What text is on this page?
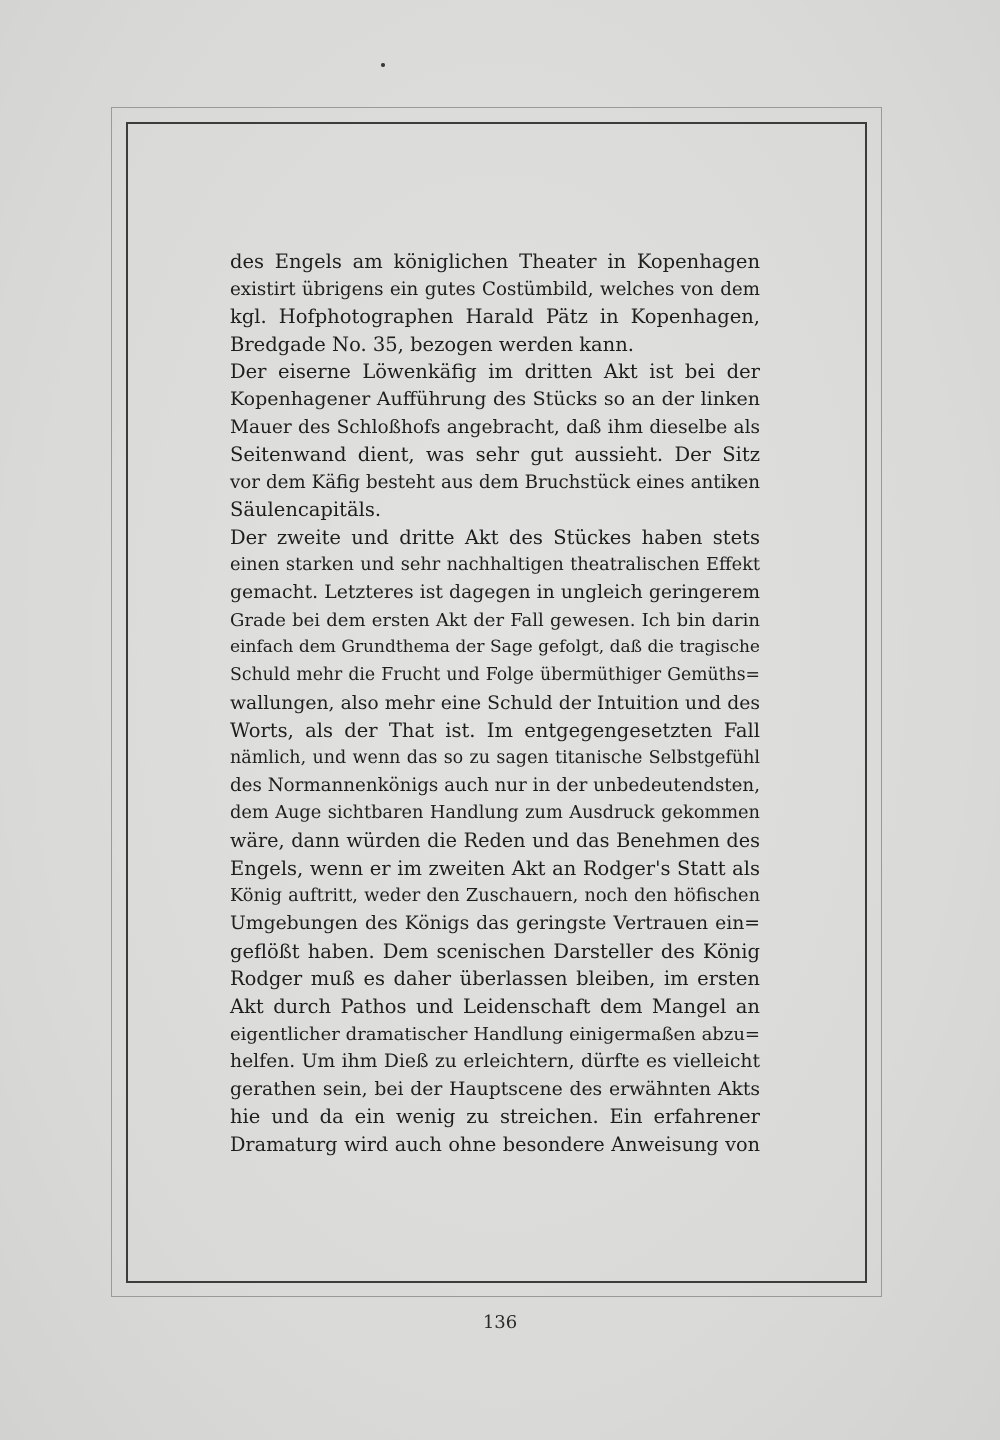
des Engels am königlichen Theater in Kopenhagen
existirt übrigens ein gutes Costümbild, welches von dem
kgl. Hofphotographen Harald Pätz in Kopenhagen,
Bredgade No. 35, bezogen werden kann.
Der eiserne Löwenkäfig im dritten Akt ist bei der
Kopenhagener Aufführung des Stücks so an der linken
Mauer des Schloßhofs angebracht, daß ihm dieselbe als
Seitenwand dient, was sehr gut aussieht. Der Sitz
vor dem Käfig besteht aus dem Bruchstück eines antiken
Säulencapitäls.
Der zweite und dritte Akt des Stückes haben stets
einen starken und sehr nachhaltigen theatralischen Effekt
gemacht. Letzteres ist dagegen in ungleich geringerem
Grade bei dem ersten Akt der Fall gewesen. Ich bin darin
einfach dem Grundthema der Sage gefolgt, daß die tragische
Schuld mehr die Frucht und Folge übermüthiger Gemüths=
wallungen, also mehr eine Schuld der Intuition und des
Worts, als der That ist. Im entgegengesetzten Fall
nämlich, und wenn das so zu sagen titanische Selbstgefühl
des Normannenkönigs auch nur in der unbedeutendsten,
dem Auge sichtbaren Handlung zum Ausdruck gekommen
wäre, dann würden die Reden und das Benehmen des
Engels, wenn er im zweiten Akt an Rodger's Statt als
König auftritt, weder den Zuschauern, noch den höfischen
Umgebungen des Königs das geringste Vertrauen ein=
geflößt haben. Dem scenischen Darsteller des König
Rodger muß es daher überlassen bleiben, im ersten
Akt durch Pathos und Leidenschaft dem Mangel an
eigentlicher dramatischer Handlung einigermaßen abzu=
helfen. Um ihm Dieß zu erleichtern, dürfte es vielleicht
gerathen sein, bei der Hauptscene des erwähnten Akts
hie und da ein wenig zu streichen. Ein erfahrener
Dramaturg wird auch ohne besondere Anweisung von
136
